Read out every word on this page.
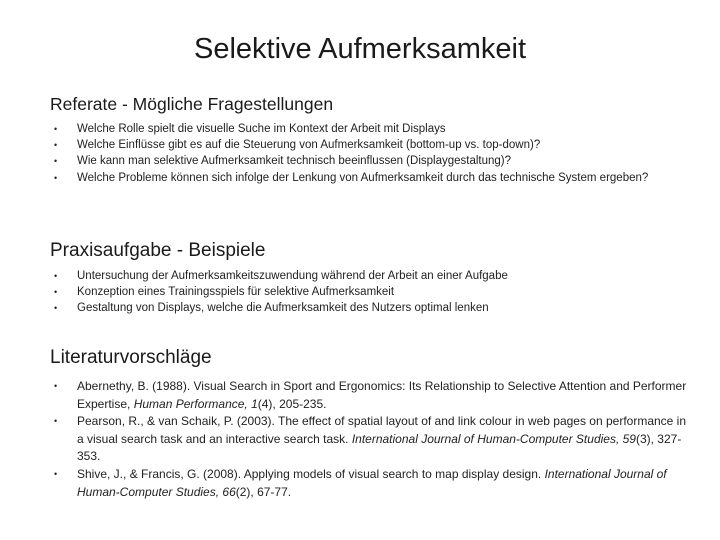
Selektive Aufmerksamkeit
Referate - Mögliche Fragestellungen
• Welche Rolle spielt die visuelle Suche im Kontext der Arbeit mit Displays
• Welche Einflüsse gibt es auf die Steuerung von Aufmerksamkeit (bottom-up vs. top-down)?
• Wie kann man selektive Aufmerksamkeit technisch beeinflussen (Displaygestaltung)?
• Welche Probleme können sich infolge der Lenkung von Aufmerksamkeit durch das technische System ergeben?
Praxisaufgabe - Beispiele
• Untersuchung der Aufmerksamkeitszuwendung während der Arbeit an einer Aufgabe
• Konzeption eines Trainingsspiels für selektive Aufmerksamkeit
• Gestaltung von Displays, welche die Aufmerksamkeit des Nutzers optimal lenken
Literaturvorschläge
• Abernethy, B. (1988). Visual Search in Sport and Ergonomics: Its Relationship to Selective Attention and Performer Expertise, Human Performance, 1(4), 205-235.
• Pearson, R., & van Schaik, P. (2003). The effect of spatial layout of and link colour in web pages on performance in a visual search task and an interactive search task. International Journal of Human-Computer Studies, 59(3), 327-353.
• Shive, J., & Francis, G. (2008). Applying models of visual search to map display design. International Journal of Human-Computer Studies, 66(2), 67-77.
